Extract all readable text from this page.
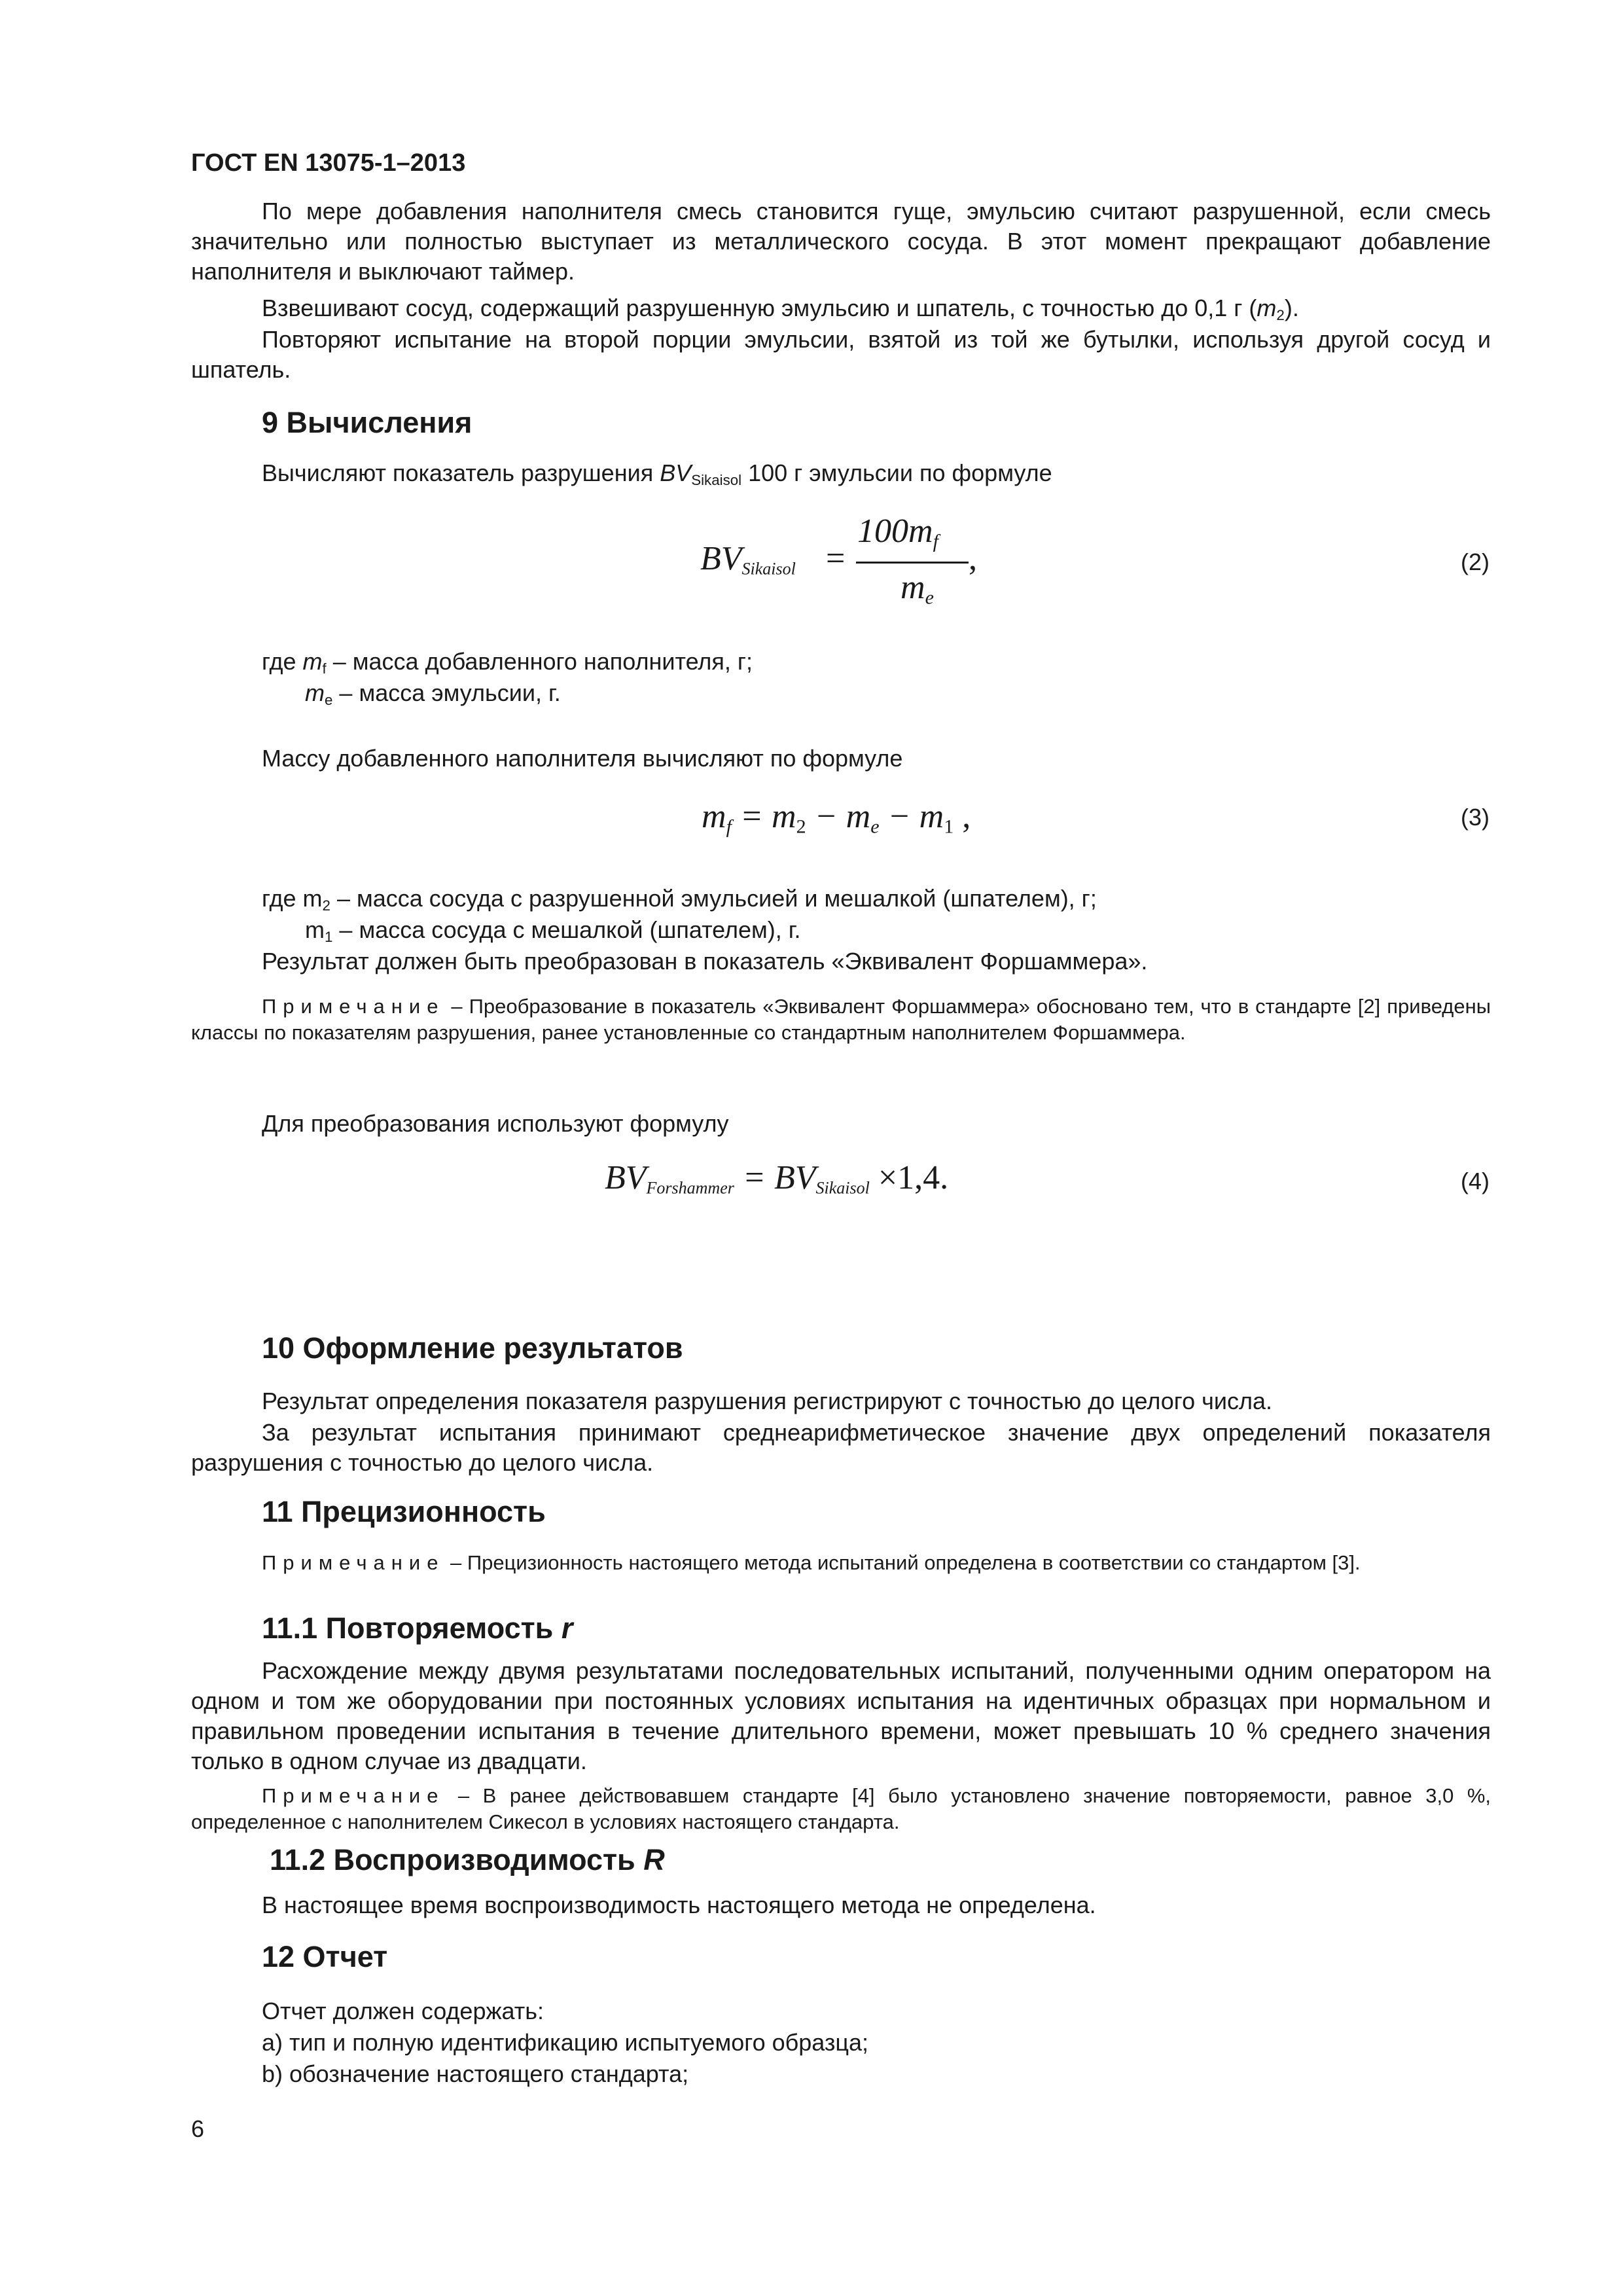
ГОСТ EN 13075-1–2013
По мере добавления наполнителя смесь становится гуще, эмульсию считают разрушенной, если смесь значительно или полностью выступает из металлического сосуда. В этот момент прекращают добавление наполнителя и выключают таймер.
Взвешивают сосуд, содержащий разрушенную эмульсию и шпатель, с точностью до 0,1 г $(m_2)$.
Повторяют испытание на второй порции эмульсии, взятой из той же бутылки, используя другой сосуд и шпатель.
9 Вычисления
Вычисляют показатель разрушения $BV_{Sikaisol}$ 100 г эмульсии по формуле
$BV_{Sikaisol}$ =
$100m_f$
$m_e$
,	(2)
где $m_f$ – масса добавленного наполнителя, г;
$m_e$ – масса эмульсии, г.
Массу добавленного наполнителя вычисляют по формуле
$m_f = m_2 - m_e - m_1$ ,	(3)
где $m_2$ – масса сосуда с разрушенной эмульсией и мешалкой (шпателем), г;
$m_1$ – масса сосуда с мешалкой (шпателем), г.
Результат должен быть преобразован в показатель «Эквивалент Форшаммера».
Примечание – Преобразование в показатель «Эквивалент Форшаммера» обосновано тем, что в стандарте [2] приведены классы по показателям разрушения, ранее установленные со стандартным наполнителем Форшаммера.
Для преобразования используют формулу
$BV_{Forshammer} = BV_{Sikaisol} \times 1,4$.	(4)
10 Оформление результатов
Результат определения показателя разрушения регистрируют с точностью до целого числа.
За результат испытания принимают среднеарифметическое значение двух определений показателя разрушения с точностью до целого числа.
11 Прецизионность
Примечание – Прецизионность настоящего метода испытаний определена в соответствии со стандартом [3].
11.1 Повторяемость r
Расхождение между двумя результатами последовательных испытаний, полученными одним оператором на одном и том же оборудовании при постоянных условиях испытания на идентичных образцах при нормальном и правильном проведении испытания в течение длительного времени, может превышать 10 % среднего значения только в одном случае из двадцати.
Примечание – В ранее действовавшем стандарте [4] было установлено значение повторяемости, равное 3,0 %, определенное с наполнителем Сикесол в условиях настоящего стандарта.
11.2 Воспроизводимость R
В настоящее время воспроизводимость настоящего метода не определена.
12 Отчет
Отчет должен содержать:
a) тип и полную идентификацию испытуемого образца;
b) обозначение настоящего стандарта;
6
